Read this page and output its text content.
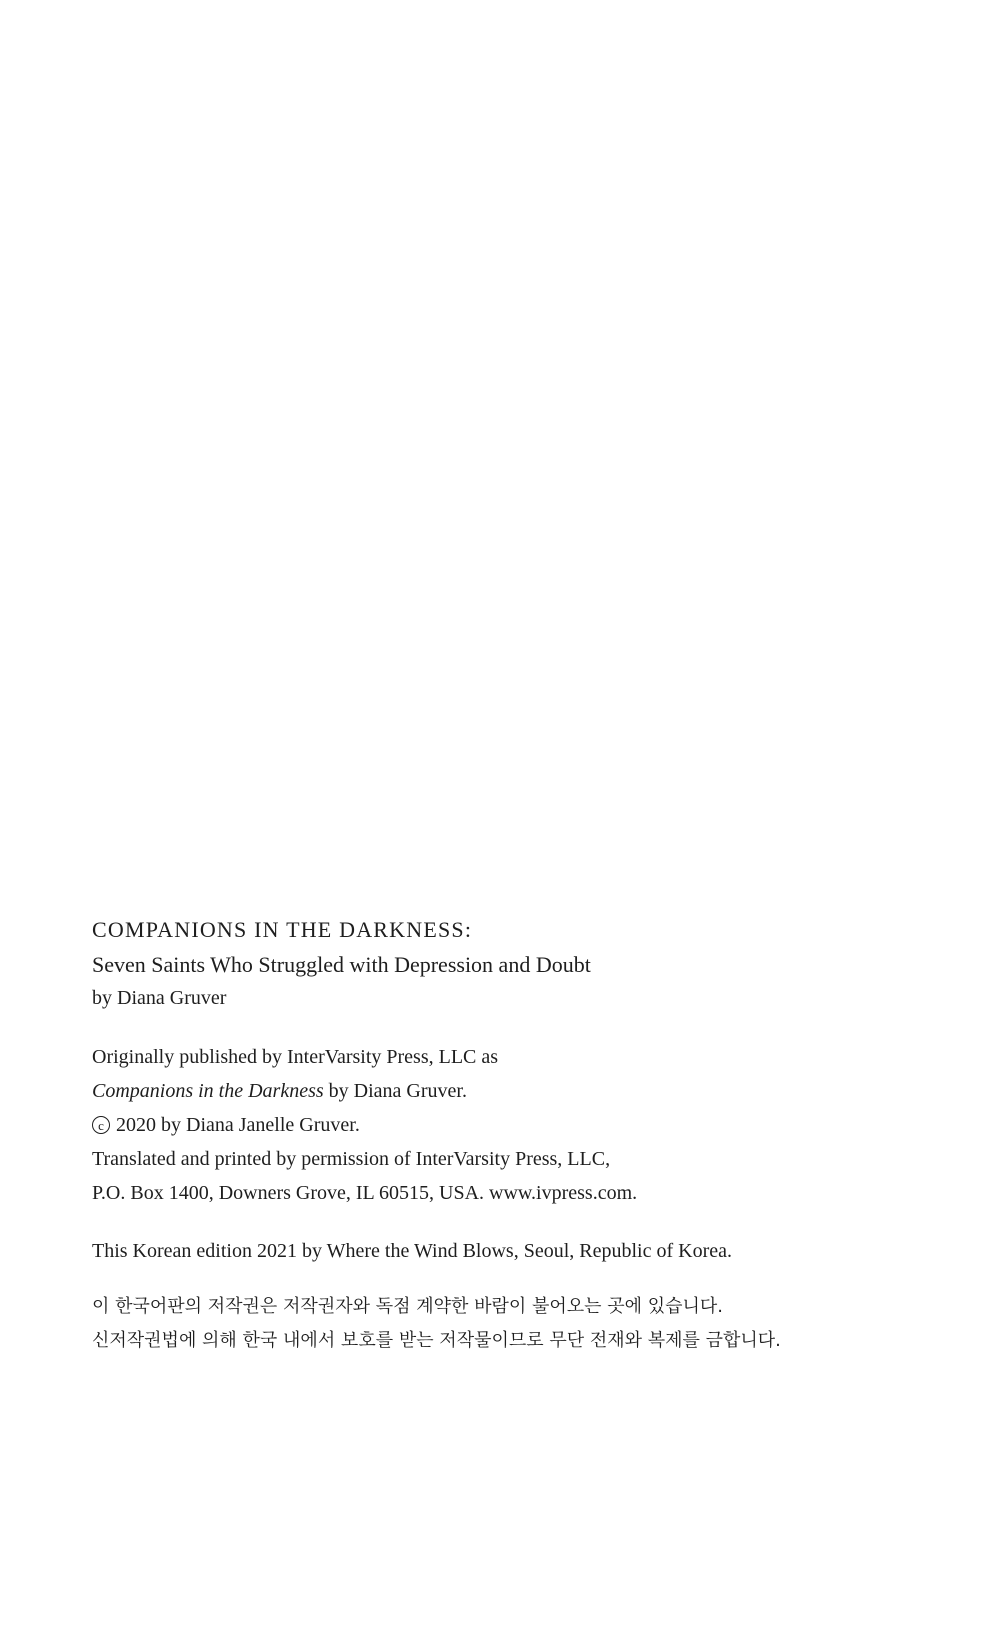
COMPANIONS IN THE DARKNESS:

Seven Saints Who Struggled with Depression and Doubt

by Diana Gruver

Originally published by InterVarsity Press, LLC as

Companions in the Darkness by Diana Gruver.

c 2020 by Diana Janelle Gruver.

Translated and printed by permission of InterVarsity Press, LLC,

P.O. Box 1400, Downers Grove, IL 60515, USA. www.ivpress.com.

This Korean edition 2021 by Where the Wind Blows, Seoul, Republic of Korea.

이 한국어판의 저작권은 저작권자와 독점 계약한 바람이 불어오는 곳에 있습니다.

신저작권법에 의해 한국 내에서 보호를 받는 저작물이므로 무단 전재와 복제를 금합니다.
